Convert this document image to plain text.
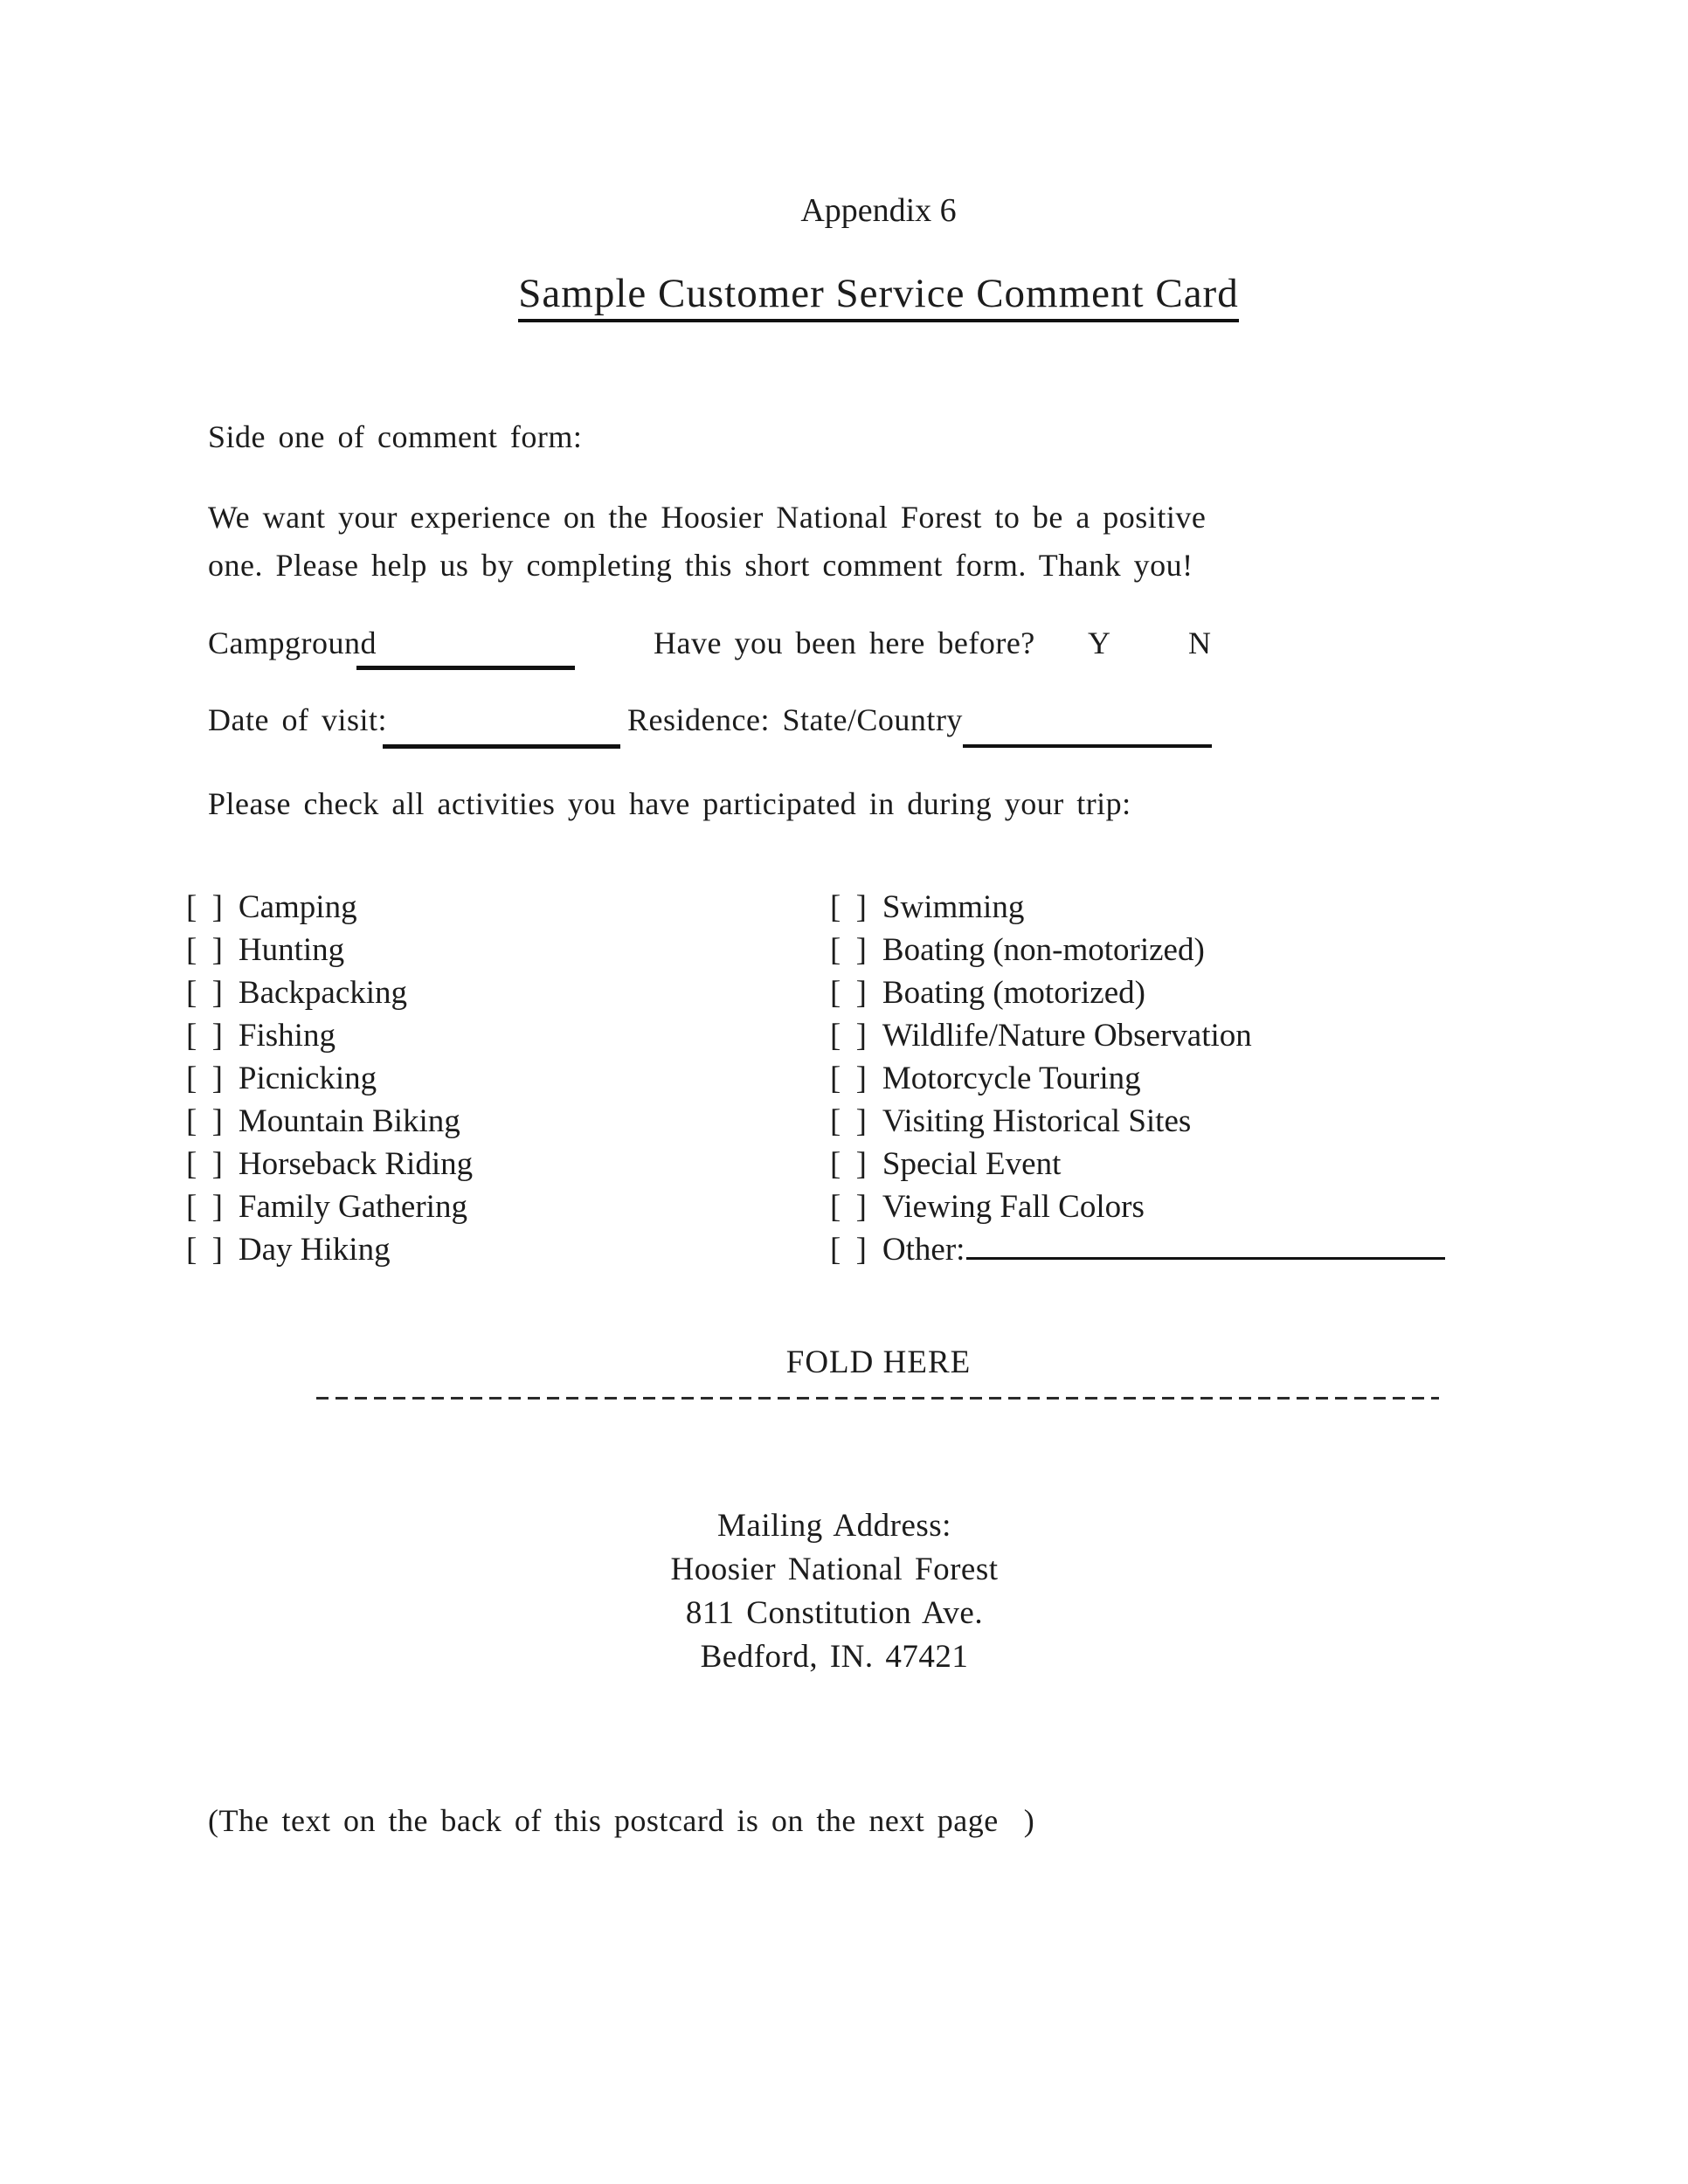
Appendix 6
Sample Customer Service Comment Card
Side one of comment form:
We want your experience on the Hoosier National Forest to be a positive
one. Please help us by completing this short comment form. Thank you!
Campground	Have you been here before? Y N
Date of visit:	Residence: State/Country
Please check all activities you have participated in during your trip:
[ ] Camping
[ ] Hunting
[ ] Backpacking
[ ] Fishing
[ ] Picnicking
[ ] Mountain Biking
[ ] Horseback Riding
[ ] Family Gathering
[ ] Day Hiking
[ ] Swimming
[ ] Boating (non-motorized)
[ ] Boating (motorized)
[ ] Wildlife/Nature Observation
[ ] Motorcycle Touring
[ ] Visiting Historical Sites
[ ] Special Event
[ ] Viewing Fall Colors
[ ] Other:
FOLD HERE
Mailing Address:
Hoosier National Forest
811 Constitution Ave.
Bedford, IN. 47421
(The text on the back of this postcard is on the next page  )
